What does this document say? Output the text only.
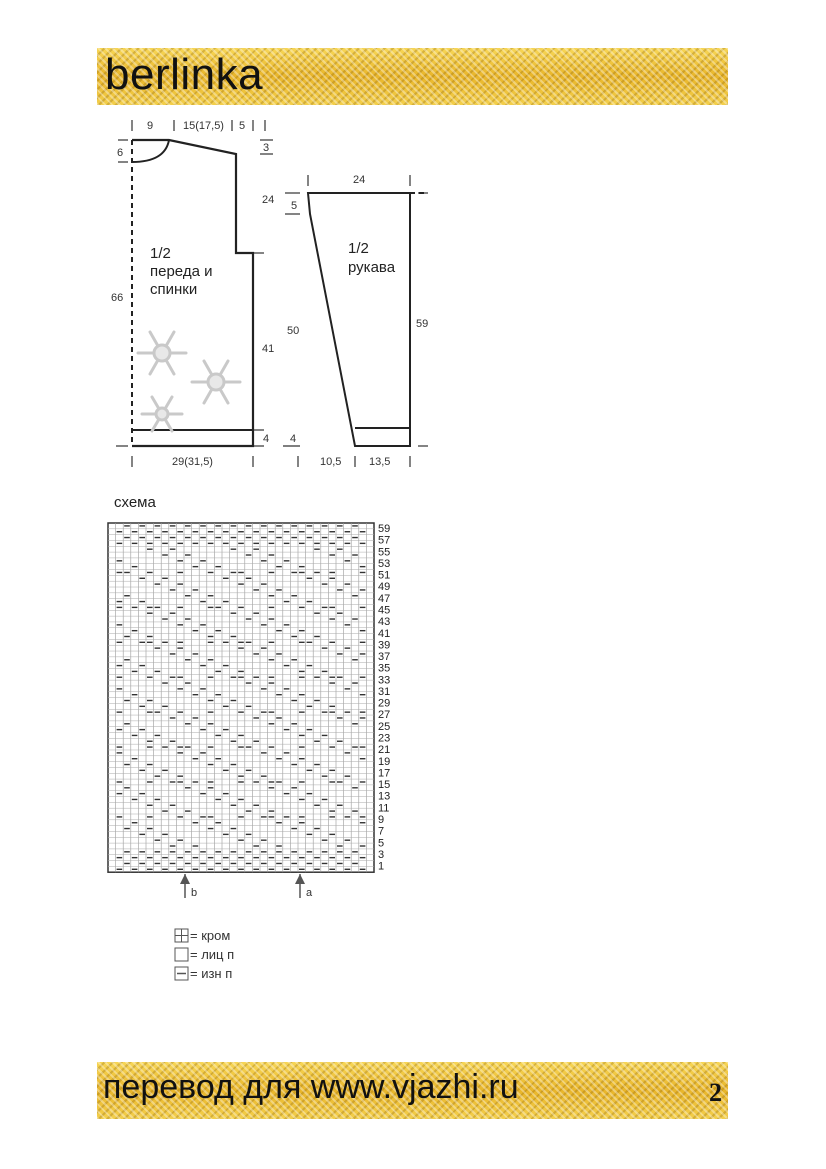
berlinka
1/2
переда и
спинки
9	15(17,5) 5
6	3
24
66
41
4
29(31,5)
1/2
рукава
24
5
50
59
4
10,5	13,5
схема
59
57
55
53
51
49
47
45
43
41
39
37
35
33
31
29
27
25
23
21
19
17
15
13
11
9
7
5
3
1
b	a
= кром
= лиц п
= изн п
перевод для www.vjazhi.ru	2
